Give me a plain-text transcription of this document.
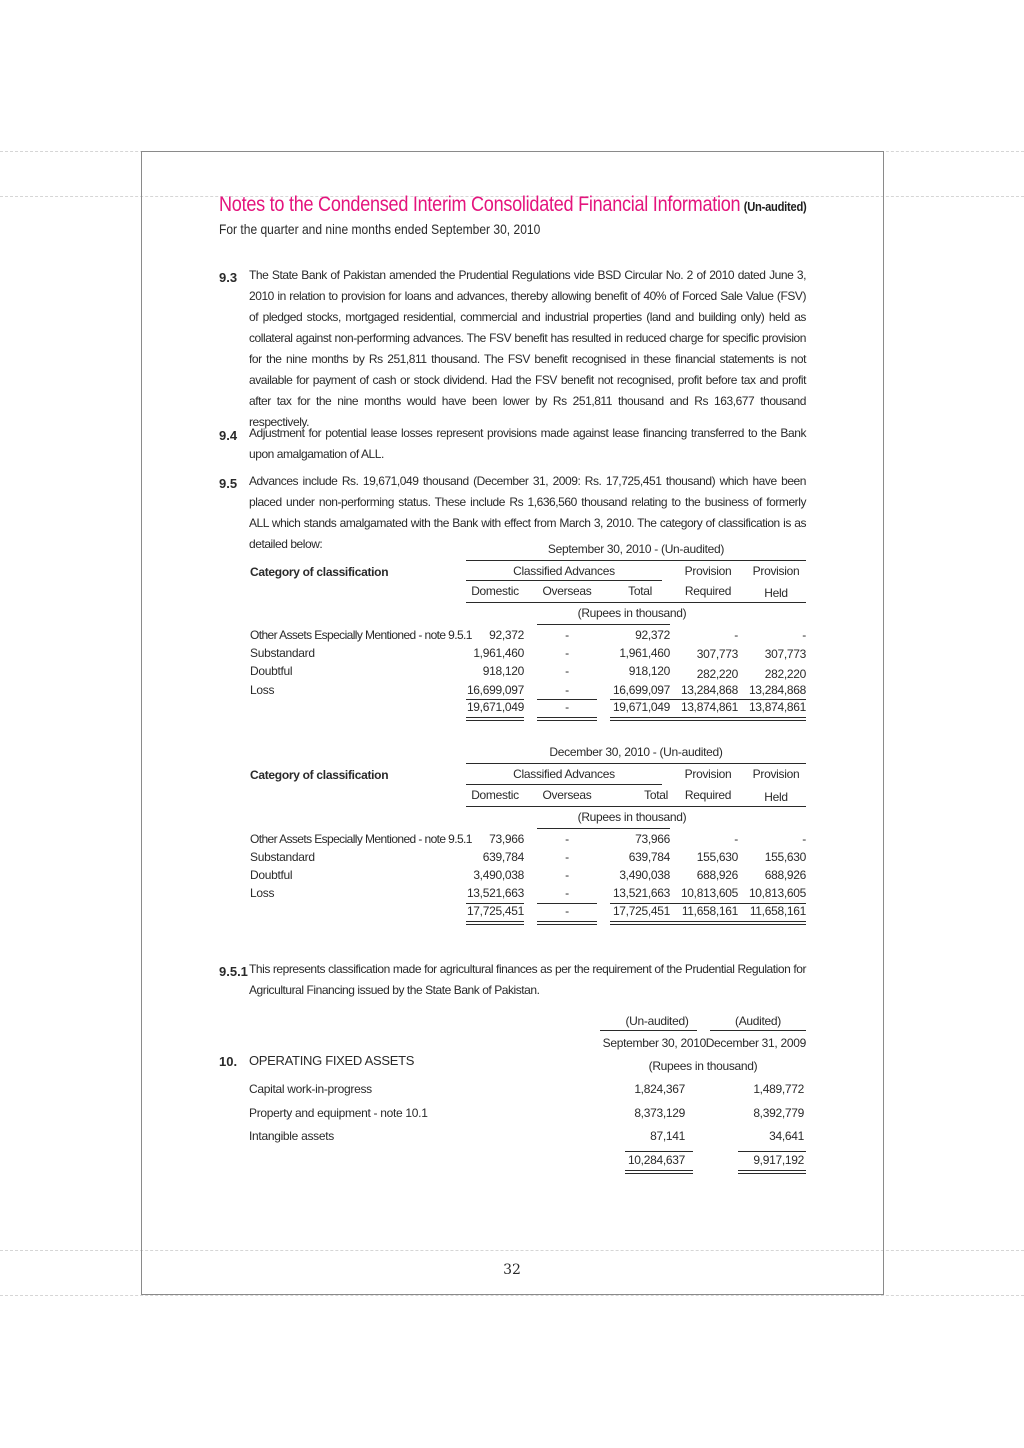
Notes to the Condensed Interim Consolidated Financial Information (Un-audited)
For the quarter and nine months ended September 30, 2010
9.3 The State Bank of Pakistan amended the Prudential Regulations vide BSD Circular No. 2 of 2010 dated June 3, 2010 in relation to provision for loans and advances, thereby allowing benefit of 40% of Forced Sale Value (FSV) of pledged stocks, mortgaged residential, commercial and industrial properties (land and building only) held as collateral against non-performing advances. The FSV benefit has resulted in reduced charge for specific provision for the nine months by Rs 251,811 thousand. The FSV benefit recognised in these financial statements is not available for payment of cash or stock dividend. Had the FSV benefit not recognised, profit before tax and profit after tax for the nine months would have been lower by Rs 251,811 thousand and Rs 163,677 thousand respectively.
9.4 Adjustment for potential lease losses represent provisions made against lease financing transferred to the Bank upon amalgamation of ALL.
9.5 Advances include Rs. 19,671,049 thousand (December 31, 2009: Rs. 17,725,451 thousand) which have been placed under non-performing status. These include Rs 1,636,560 thousand relating to the business of formerly ALL which stands amalgamated with the Bank with effect from March 3, 2010. The category of classification is as detailed below:	September 30, 2010 - (Un-audited)
Category of classification	Classified Advances	Provision	Provision
Domestic	Overseas	Total	Required	Held
(Rupees in thousand)
Other Assets Especially Mentioned - note 9.5.1	92,372	-	92,372	-	-
Substandard	1,961,460	-	1,961,460	307,773	307,773
Doubtful	918,120	-	918,120	282,220	282,220
Loss	16,699,097	-	16,699,097 13,284,868 13,284,868
19,671,049	-	19,671,049 13,874,861 13,874,861
December 30, 2010 - (Un-audited)
Category of classification	Classified Advances	Provision	Provision
Domestic	Overseas	Total	Required	Held
(Rupees in thousand)
Other Assets Especially Mentioned - note 9.5.1	73,966	-	73,966	-	-
Substandard	639,784	-	639,784	155,630	155,630
Doubtful	3,490,038	-	3,490,038	688,926	688,926
Loss	13,521,663	-	13,521,663 10,813,605 10,813,605
17,725,451	-	17,725,451 11,658,161 11,658,161
9.5.1 This represents classification made for agricultural finances as per the requirement of the Prudential Regulation for Agricultural Financing issued by the State Bank of Pakistan.
(Un-audited)	(Audited)
September 30, 2010 December 31, 2009
10. OPERATING FIXED ASSETS	(Rupees in thousand)
Capital work-in-progress	1,824,367	1,489,772
Property and equipment - note 10.1	8,373,129	8,392,779
Intangible assets	87,141	34,641
10,284,637	9,917,192
32
